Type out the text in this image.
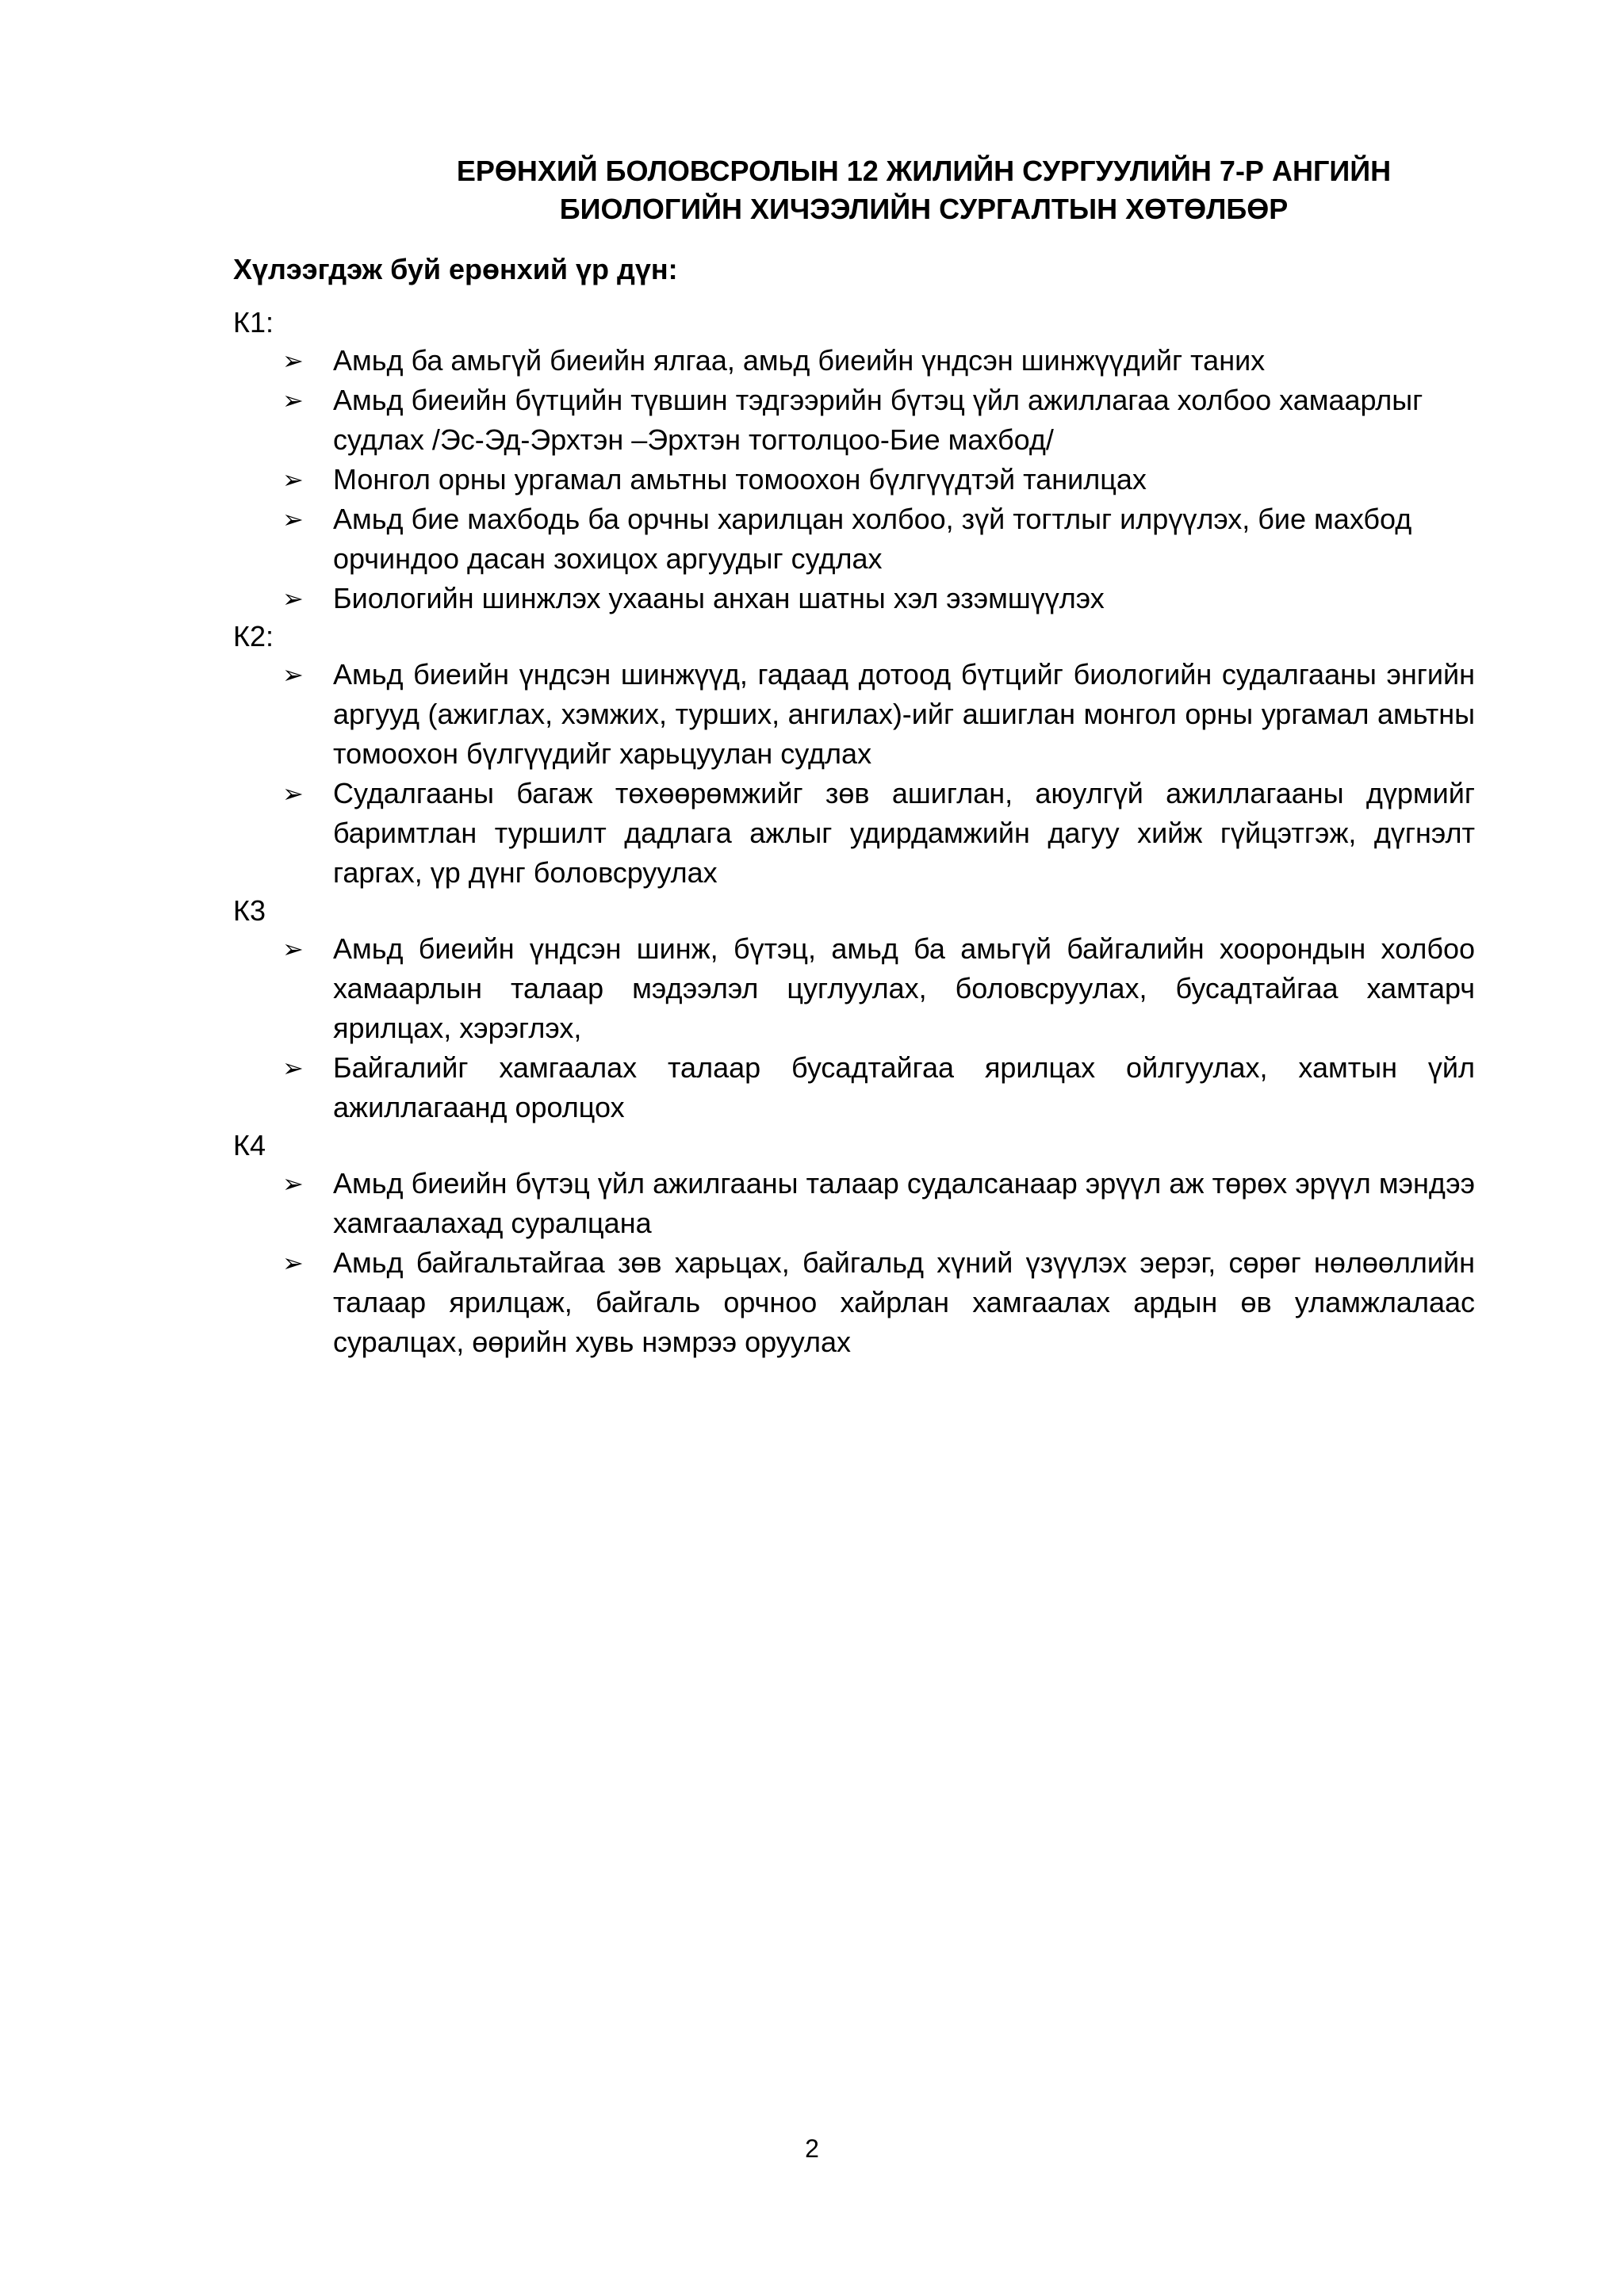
ЕРӨНХИЙ БОЛОВСРОЛЫН 12 ЖИЛИЙН СУРГУУЛИЙН 7-Р АНГИЙН
БИОЛОГИЙН ХИЧЭЭЛИЙН СУРГАЛТЫН ХӨТӨЛБӨР

Хүлээгдэж буй ерөнхий үр дүн:

К1:

➢	Амьд ба амьгүй биеийн ялгаа, амьд биеийн үндсэн шинжүүдийг таних
➢	Амьд биеийн бүтцийн түвшин тэдгээрийн бүтэц үйл ажиллагаа холбоо хамаарлыг судлах /Эс-Эд-Эрхтэн –Эрхтэн тогтолцоо-Бие махбод/
➢	Монгол орны ургамал амьтны томоохон бүлгүүдтэй танилцах
➢	Амьд бие махбодь ба орчны харилцан холбоо, зүй тогтлыг илрүүлэх, бие махбод орчиндоо дасан зохицох аргуудыг судлах
➢	Биологийн шинжлэх ухааны анхан шатны хэл эзэмшүүлэх

К2:

➢	Амьд биеийн үндсэн шинжүүд, гадаад дотоод бүтцийг биологийн судалгааны энгийн аргууд (ажиглах, хэмжих, турших, ангилах)-ийг ашиглан монгол орны ургамал амьтны томоохон бүлгүүдийг харьцуулан судлах
➢	Судалгааны багаж төхөөрөмжийг зөв ашиглан, аюулгүй ажиллагааны дүрмийг баримтлан туршилт дадлага ажлыг удирдамжийн дагуу хийж гүйцэтгэж, дүгнэлт гаргах, үр дүнг боловсруулах

К3

➢	Амьд биеийн үндсэн шинж, бүтэц, амьд ба амьгүй байгалийн хоорондын холбоо хамаарлын талаар мэдээлэл цуглуулах, боловсруулах, бусадтайгаа хамтарч ярилцах, хэрэглэх,
➢	Байгалийг хамгаалах талаар бусадтайгаа ярилцах ойлгуулах, хамтын үйл ажиллагаанд оролцох

К4

➢	Амьд биеийн бүтэц үйл ажилгааны талаар судалсанаар эрүүл аж төрөх эрүүл мэндээ хамгаалахад суралцана
➢	Амьд байгальтайгаа зөв харьцах, байгальд хүний үзүүлэх эерэг, сөрөг нөлөөллийн талаар ярилцаж, байгаль орчноо хайрлан хамгаалах ардын өв уламжлалаас суралцах, өөрийн хувь нэмрээ оруулах
2
